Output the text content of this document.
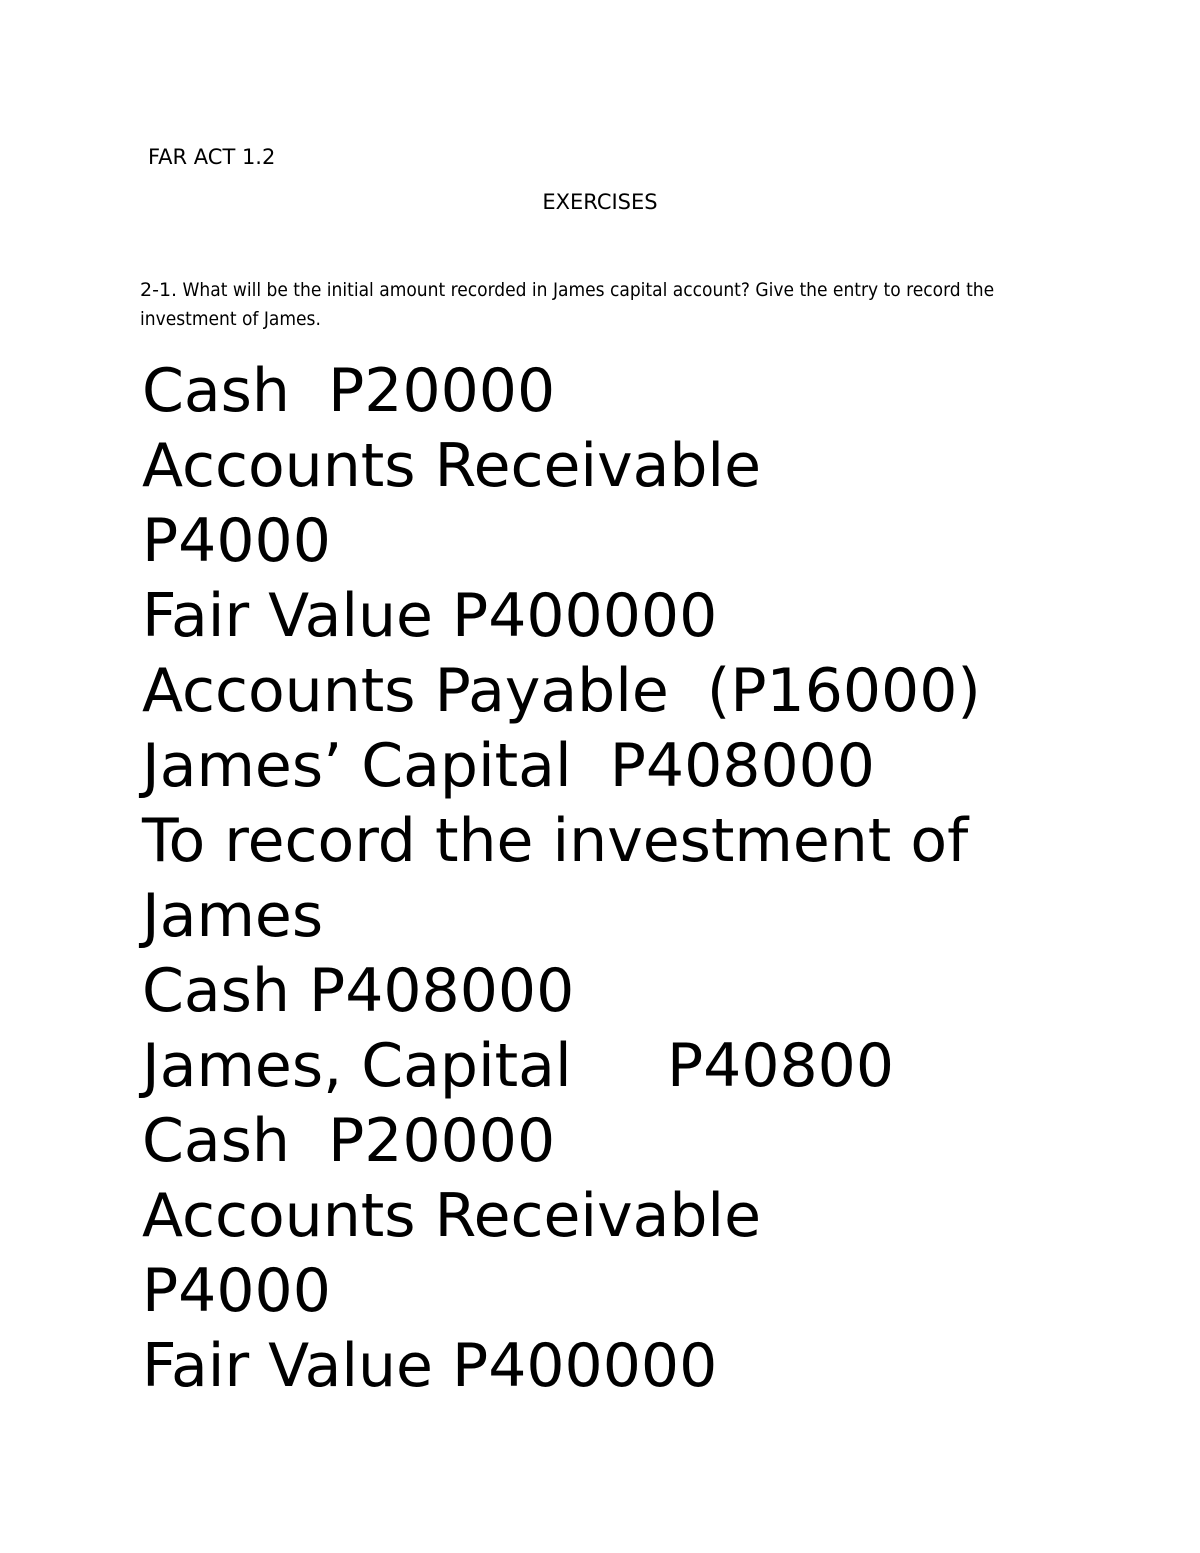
FAR ACT 1.2
EXERCISES
2-1. What will be the initial amount recorded in James capital account? Give the entry to record the investment of James.
Cash  P20000
Accounts Receivable
P4000
Fair Value P400000
Accounts Payable  (P16000)
James’ Capital  P408000
To record the investment of
James
Cash P408000
James, Capital     P40800
Cash  P20000
Accounts Receivable
P4000
Fair Value P400000
